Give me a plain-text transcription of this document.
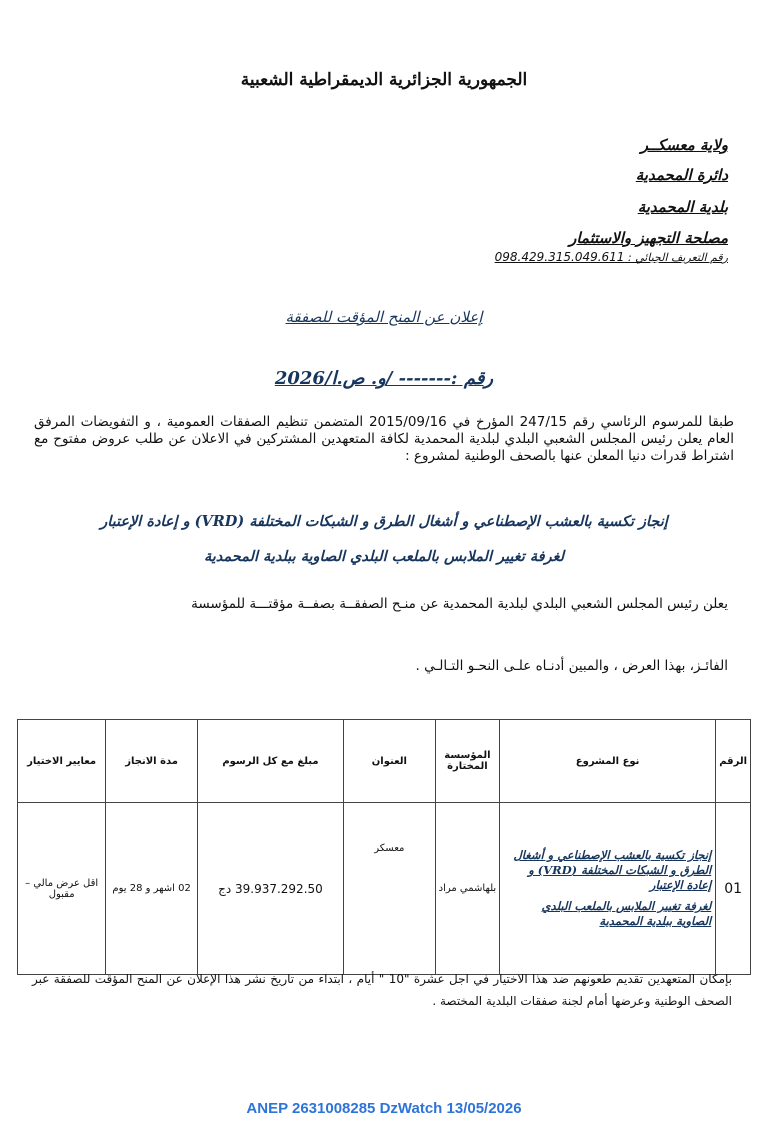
الجمهورية الجزائرية الديمقراطية الشعبية
ولاية معسكــر
دائرة المحمدية
بلدية المحمدية
مصلحة التجهيز والاستثمار
رقم التعريف الجبائي : 098.429.315.049.611
إعلان عن المنح المؤقت للصفقة
رقم :------- /و. ص.ا/2026
طبقا للمرسوم الرئاسي رقم 247/15 المؤرخ في 2015/09/16 المتضمن تنظيم الصفقات العمومية ، و التفويضات المرفق العام يعلن رئيس المجلس الشعبي البلدي لبلدية المحمدية لكافة المتعهدين المشتركين في الاعلان عن طلب عروض مفتوح مع اشتراط قدرات دنيا المعلن عنها بالصحف الوطنية لمشروع :
إنجاز تكسية بالعشب الإصطناعي و أشغال الطرق و الشبكات المختلفة (VRD) و إعادة الإعتبار
لغرفة تغيير الملابس بالملعب البلدي الصاوية ببلدية المحمدية
يعلن رئيس المجلس الشعبي البلدي لبلدية المحمدية عن منـح الصفقــة بصفــة مؤقتـــة للمؤسسة
الفائـز، بهذا العرض ، والمبين أدنـاه علـى النحـو التـالـي .
الرقم	نوع المشروع	المؤسسة المختارة	العنوان	مبلغ مع كل الرسوم	مدة الانجاز	معايير الاختيار
01	إنجاز تكسية بالعشب الإصطناعي و أشغال الطرق و الشبكات المختلفة (VRD) و إعادة الإعتبار
لغرفة تغيير الملابس بالملعب البلدي الصاوية ببلدية المحمدية	بلهاشمي مراد	معسكر	39.937.292.50 دج	02 اشهر و 28 يوم	اقل عرض مالي – مقبول
بإمكان المتعهدين تقديم طعونهم ضد هذا الاختيار في اجل عشرة "10 " أيام ، ابتداء من تاريخ نشر هذا الإعلان عن المنح المؤقت للصفقة عبر الصحف الوطنية وعرضها أمام لجنة صفقات البلدية المختصة .
ANEP 2631008285 DzWatch 13/05/2026
